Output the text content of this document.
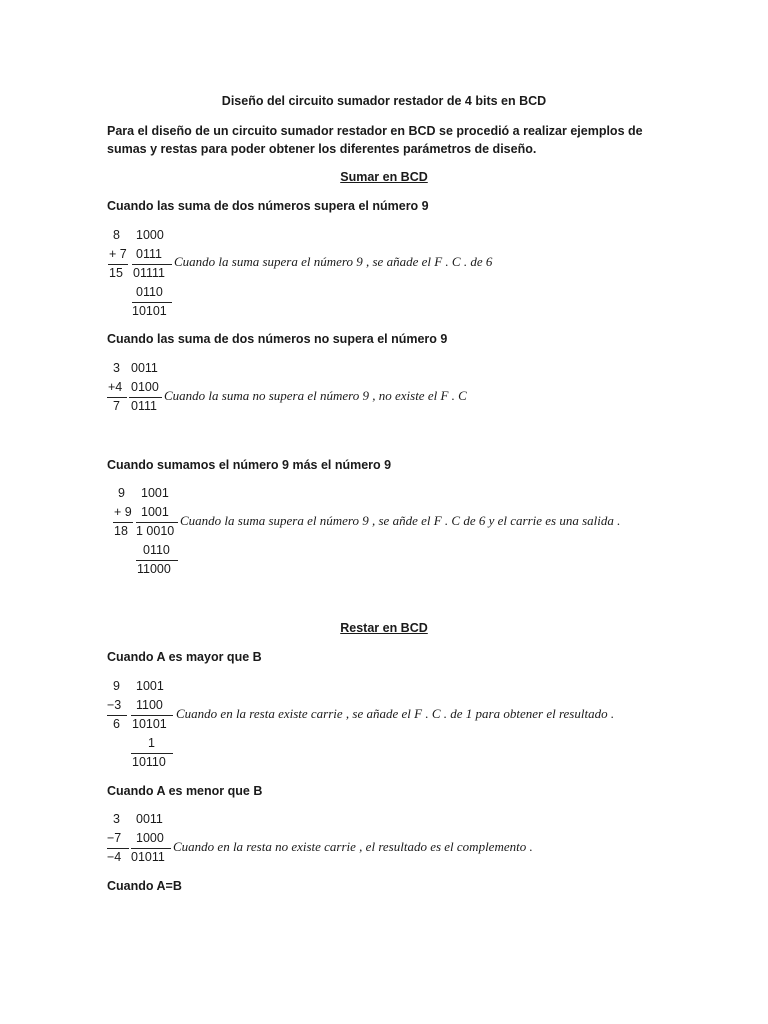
Diseño del circuito sumador restador de 4 bits en BCD
Para el diseño de un circuito sumador restador en BCD se procedió a realizar ejemplos de sumas y restas para poder obtener los diferentes parámetros de diseño.
Sumar en BCD
Cuando las suma de dos números supera el número 9
8
+ 7
15
1000
0111
01111
0110
10101
Cuando la suma supera el número 9 , se añade el F . C . de 6
Cuando las suma de dos números no supera el número 9
3
+4
7
0011
0100
0111
Cuando la suma no supera el número 9 , no existe el F . C
Cuando sumamos el número 9 más el número 9
9
+ 9
18
1001
1001
1 0010
0110
11000
Cuando la suma supera el número 9 , se añde el F . C de 6 y el carrie es una salida .
Restar en BCD
Cuando A es mayor que B
9
−3
6
1001
1100
10101
1
10110
Cuando en la resta existe carrie , se añade el F . C . de 1 para obtener el resultado .
Cuando A es menor que B
3
−7
−4
0011
1000
01011
Cuando en la resta no existe carrie , el resultado es el complemento .
Cuando A=B
